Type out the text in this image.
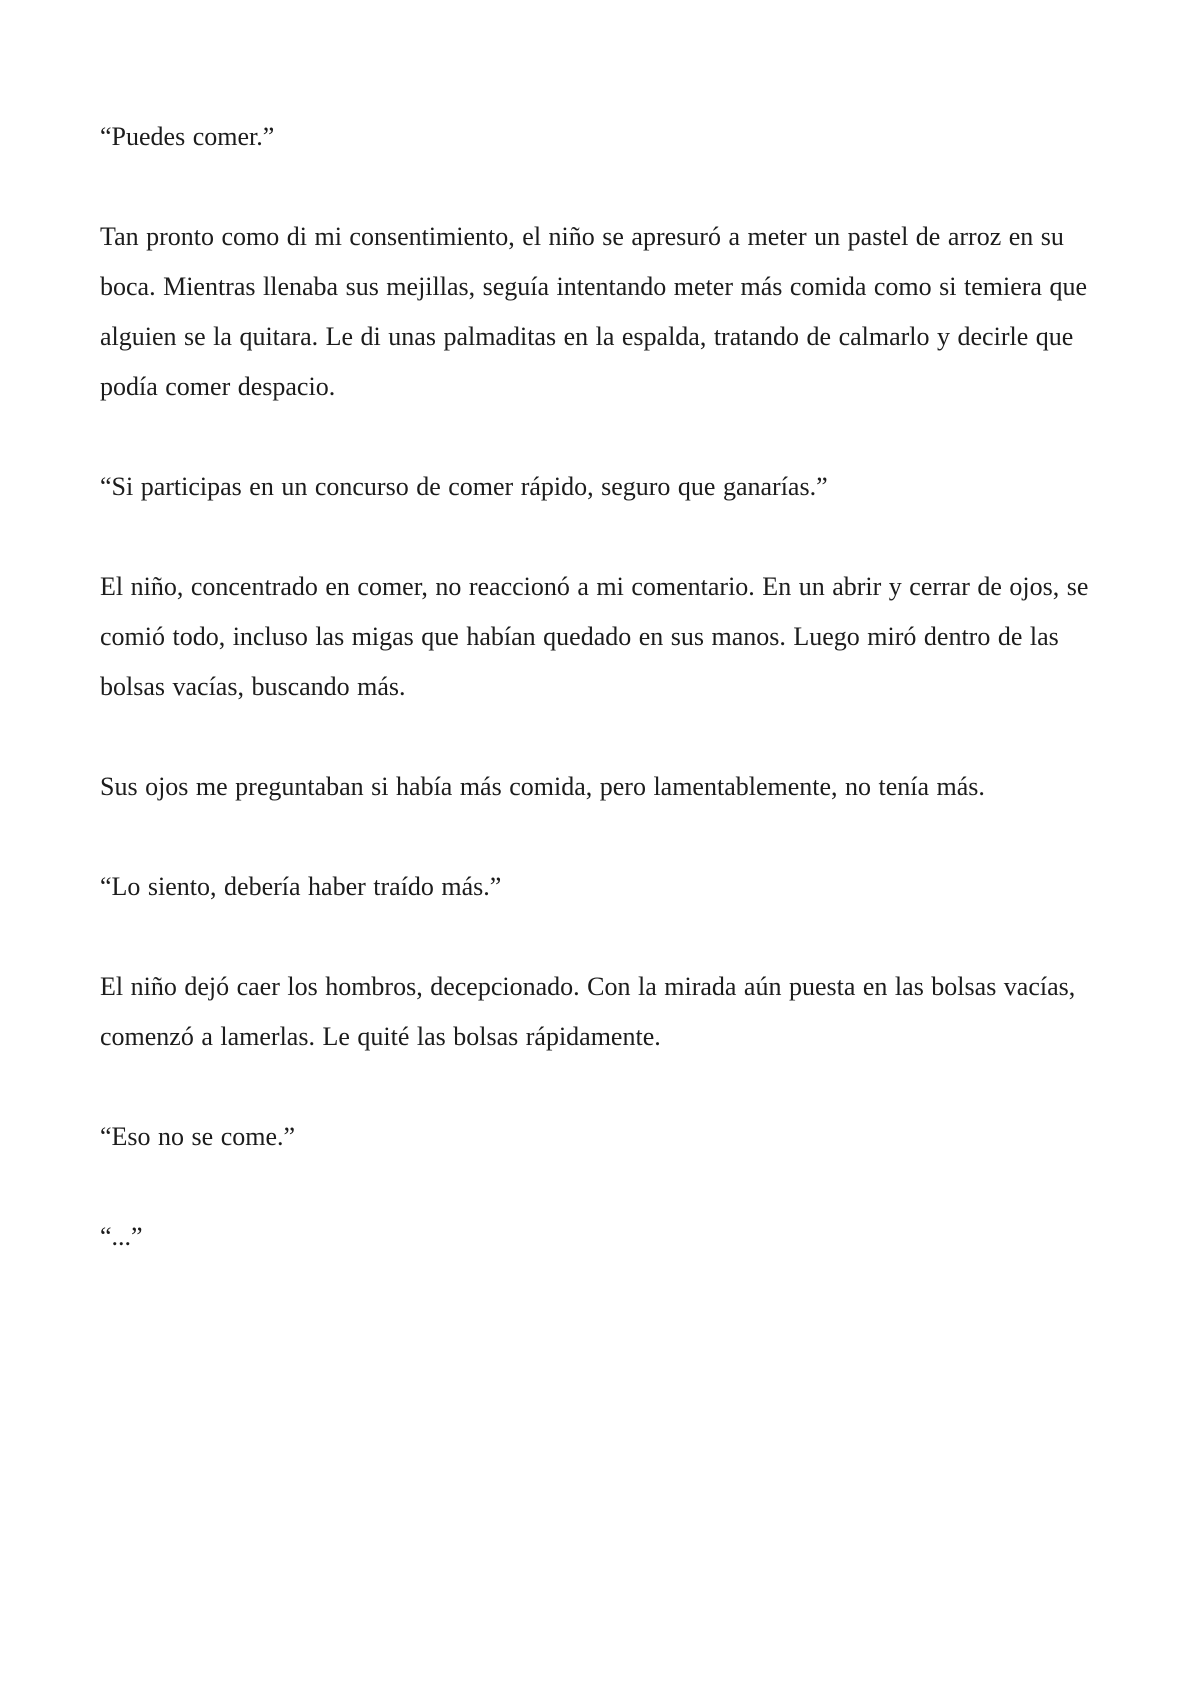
“Puedes comer.”

Tan pronto como di mi consentimiento, el niño se apresuró a meter un pastel de arroz en su boca. Mientras llenaba sus mejillas, seguía intentando meter más comida como si temiera que alguien se la quitara. Le di unas palmaditas en la espalda, tratando de calmarlo y decirle que podía comer despacio.

“Si participas en un concurso de comer rápido, seguro que ganarías.”

El niño, concentrado en comer, no reaccionó a mi comentario. En un abrir y cerrar de ojos, se comió todo, incluso las migas que habían quedado en sus manos. Luego miró dentro de las bolsas vacías, buscando más.

Sus ojos me preguntaban si había más comida, pero lamentablemente, no tenía más.

“Lo siento, debería haber traído más.”

El niño dejó caer los hombros, decepcionado. Con la mirada aún puesta en las bolsas vacías, comenzó a lamerlas. Le quité las bolsas rápidamente.

“Eso no se come.”

“...”
